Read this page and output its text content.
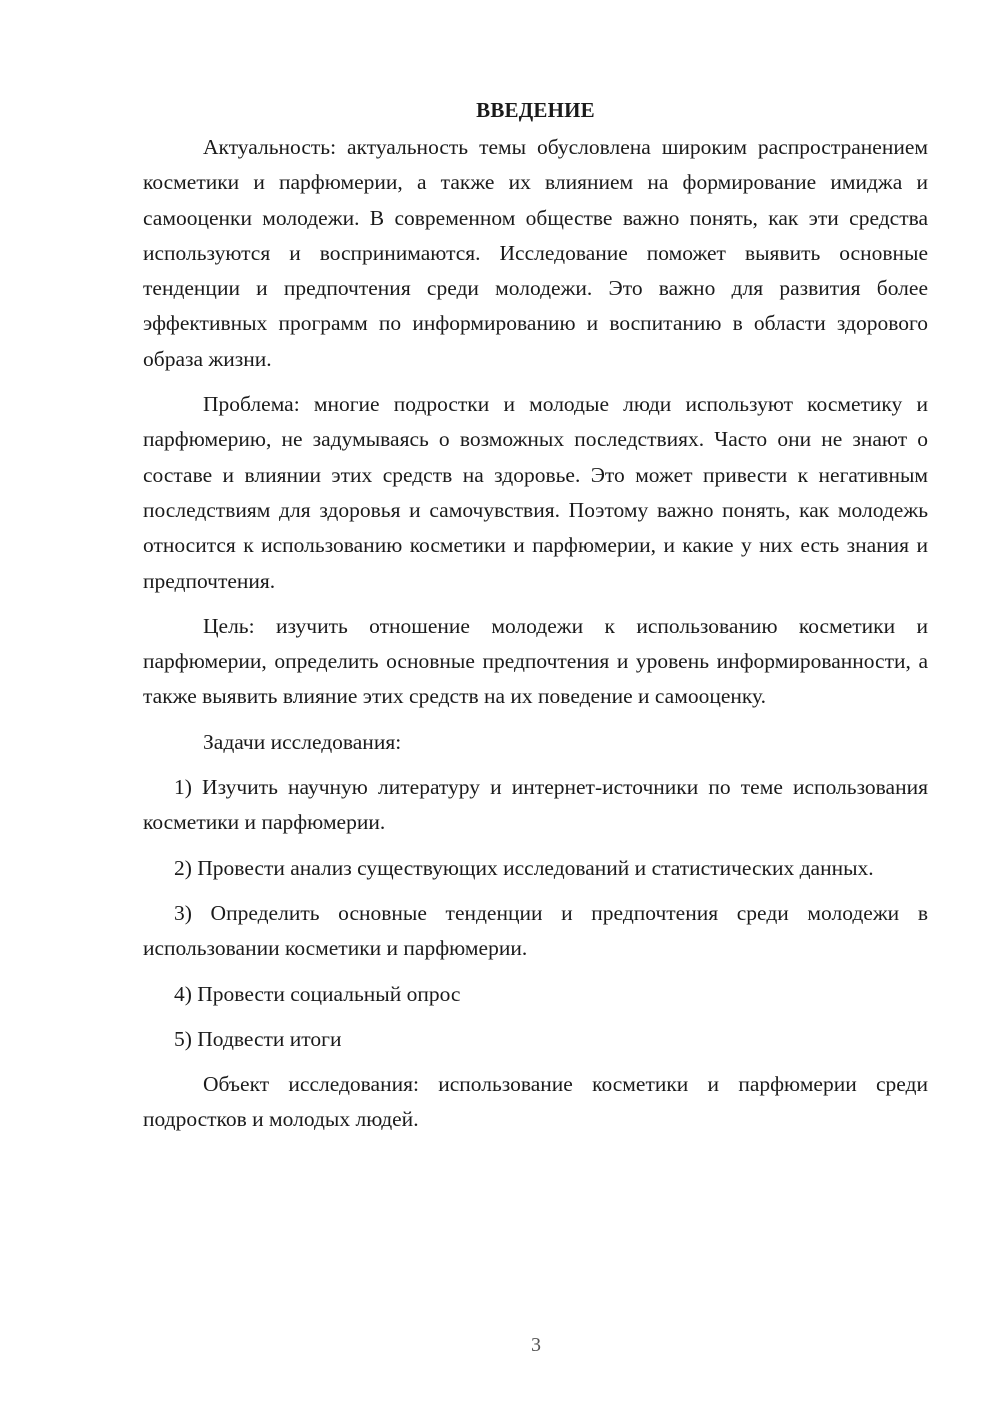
ВВЕДЕНИЕ

Актуальность: актуальность темы обусловлена широким распространением косметики и парфюмерии, а также их влиянием на формирование имиджа и самооценки молодежи. В современном обществе важно понять, как эти средства используются и воспринимаются. Исследование поможет выявить основные тенденции и предпочтения среди молодежи. Это важно для развития более эффективных программ по информированию и воспитанию в области здорового образа жизни.

Проблема: многие подростки и молодые люди используют косметику и парфюмерию, не задумываясь о возможных последствиях. Часто они не знают о составе и влиянии этих средств на здоровье. Это может привести к негативным последствиям для здоровья и самочувствия. Поэтому важно понять, как молодежь относится к использованию косметики и парфюмерии, и какие у них есть знания и предпочтения.

Цель: изучить отношение молодежи к использованию косметики и парфюмерии, определить основные предпочтения и уровень информированности, а также выявить влияние этих средств на их поведение и самооценку.

Задачи исследования:

1) Изучить научную литературу и интернет-источники по теме использования косметики и парфюмерии.

2) Провести анализ существующих исследований и статистических данных.

3) Определить основные тенденции и предпочтения среди молодежи в использовании косметики и парфюмерии.

4) Провести социальный опрос

5) Подвести итоги

Объект исследования: использование косметики и парфюмерии среди подростков и молодых людей.

3
